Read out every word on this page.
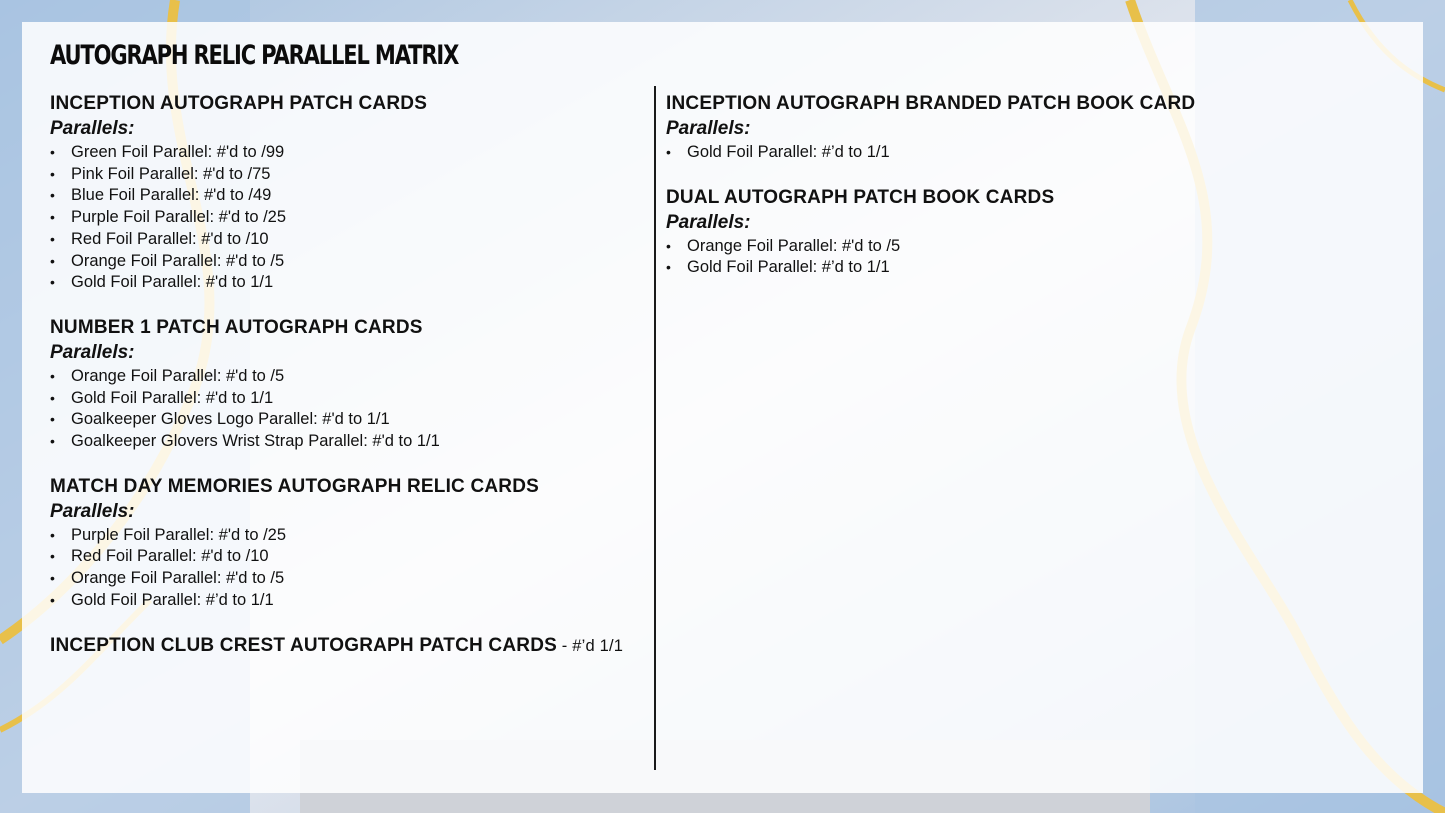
AUTOGRAPH RELIC PARALLEL MATRIX
INCEPTION AUTOGRAPH PATCH CARDS
Parallels:
• Green Foil Parallel: #'d to /99
• Pink Foil Parallel: #'d to /75
• Blue Foil Parallel: #'d to /49
• Purple Foil Parallel: #'d to /25
• Red Foil Parallel: #'d to /10
• Orange Foil Parallel: #'d to /5
• Gold Foil Parallel: #'d to 1/1
NUMBER 1 PATCH AUTOGRAPH CARDS
Parallels:
• Orange Foil Parallel: #'d to /5
• Gold Foil Parallel: #'d to 1/1
• Goalkeeper Gloves Logo Parallel: #'d to 1/1
• Goalkeeper Glovers Wrist Strap Parallel: #'d to 1/1
MATCH DAY MEMORIES AUTOGRAPH RELIC CARDS
Parallels:
• Purple Foil Parallel: #'d to /25
• Red Foil Parallel: #'d to /10
• Orange Foil Parallel: #'d to /5
• Gold Foil Parallel: #’d to 1/1
INCEPTION CLUB CREST AUTOGRAPH PATCH CARDS - #’d 1/1
INCEPTION AUTOGRAPH BRANDED PATCH BOOK CARD
Parallels:
• Gold Foil Parallel: #’d to 1/1
DUAL AUTOGRAPH PATCH BOOK CARDS
Parallels:
• Orange Foil Parallel: #'d to /5
• Gold Foil Parallel: #’d to 1/1
